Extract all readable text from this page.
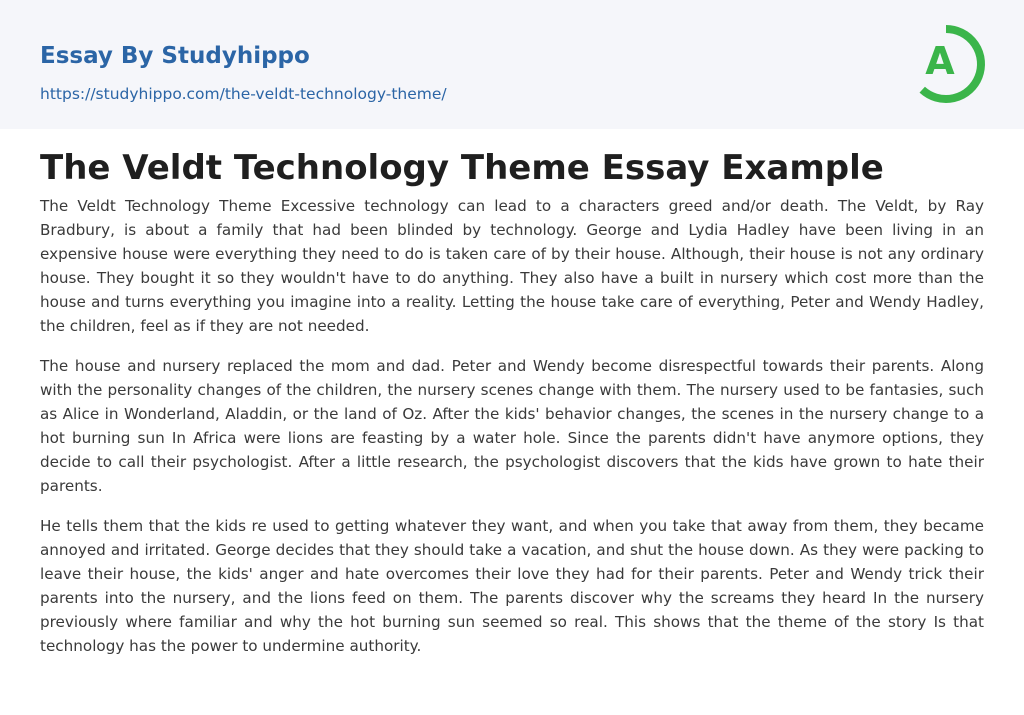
Essay By Studyhippo
https://studyhippo.com/the-veldt-technology-theme/
A
The Veldt Technology Theme Essay Example

The Veldt Technology Theme Excessive technology can lead to a characters greed and/or death. The Veldt, by Ray Bradbury, is about a family that had been blinded by technology. George and Lydia Hadley have been living in an expensive house were everything they need to do is taken care of by their house. Although, their house is not any ordinary house. They bought it so they wouldn't have to do anything. They also have a built in nursery which cost more than the house and turns everything you imagine into a reality. Letting the house take care of everything, Peter and Wendy Hadley, the children, feel as if they are not needed.

The house and nursery replaced the mom and dad. Peter and Wendy become disrespectful towards their parents. Along with the personality changes of the children, the nursery scenes change with them. The nursery used to be fantasies, such as Alice in Wonderland, Aladdin, or the land of Oz. After the kids' behavior changes, the scenes in the nursery change to a hot burning sun In Africa were lions are feasting by a water hole. Since the parents didn't have anymore options, they decide to call their psychologist. After a little research, the psychologist discovers that the kids have grown to hate their parents.

He tells them that the kids re used to getting whatever they want, and when you take that away from them, they became annoyed and irritated. George decides that they should take a vacation, and shut the house down. As they were packing to leave their house, the kids' anger and hate overcomes their love they had for their parents. Peter and Wendy trick their parents into the nursery, and the lions feed on them. The parents discover why the screams they heard In the nursery previously where familiar and why the hot burning sun seemed so real. This shows that the theme of the story Is that technology has the power to undermine authority.
